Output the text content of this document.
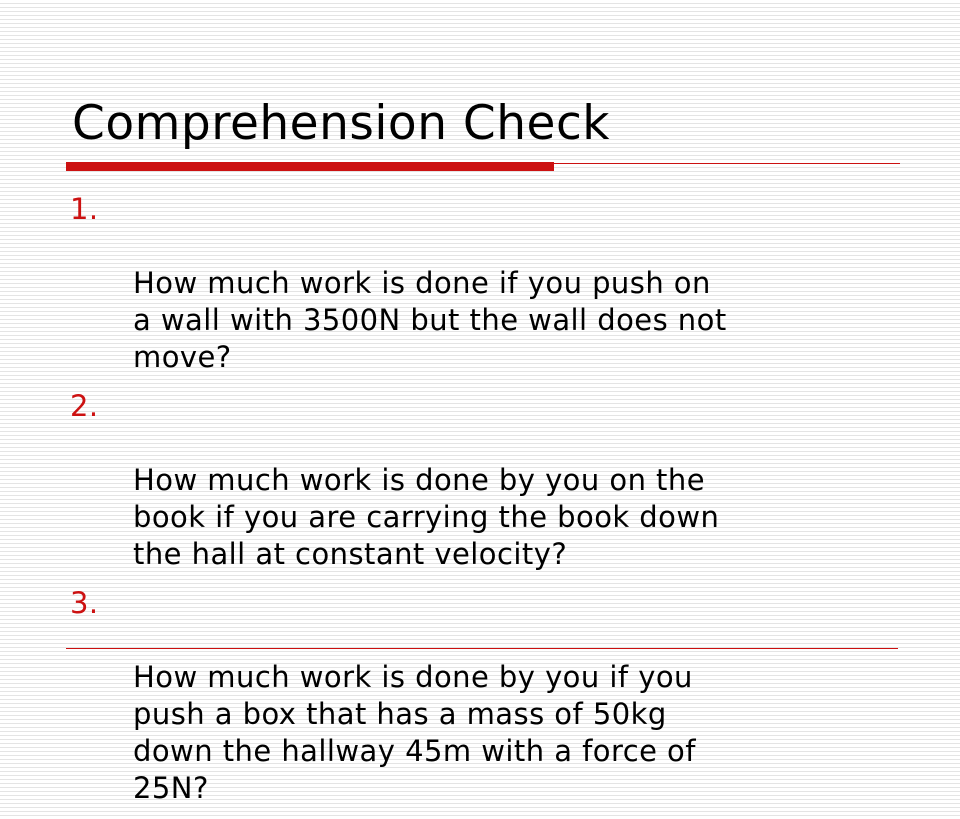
Comprehension Check

1.

How much work is done if you push on
a wall with 3500N but the wall does not
move?

2.

How much work is done by you on the
book if you are carrying the book down
the hall at constant velocity?

3.

How much work is done by you if you
push a box that has a mass of 50kg
down the hallway 45m with a force of
25N?
